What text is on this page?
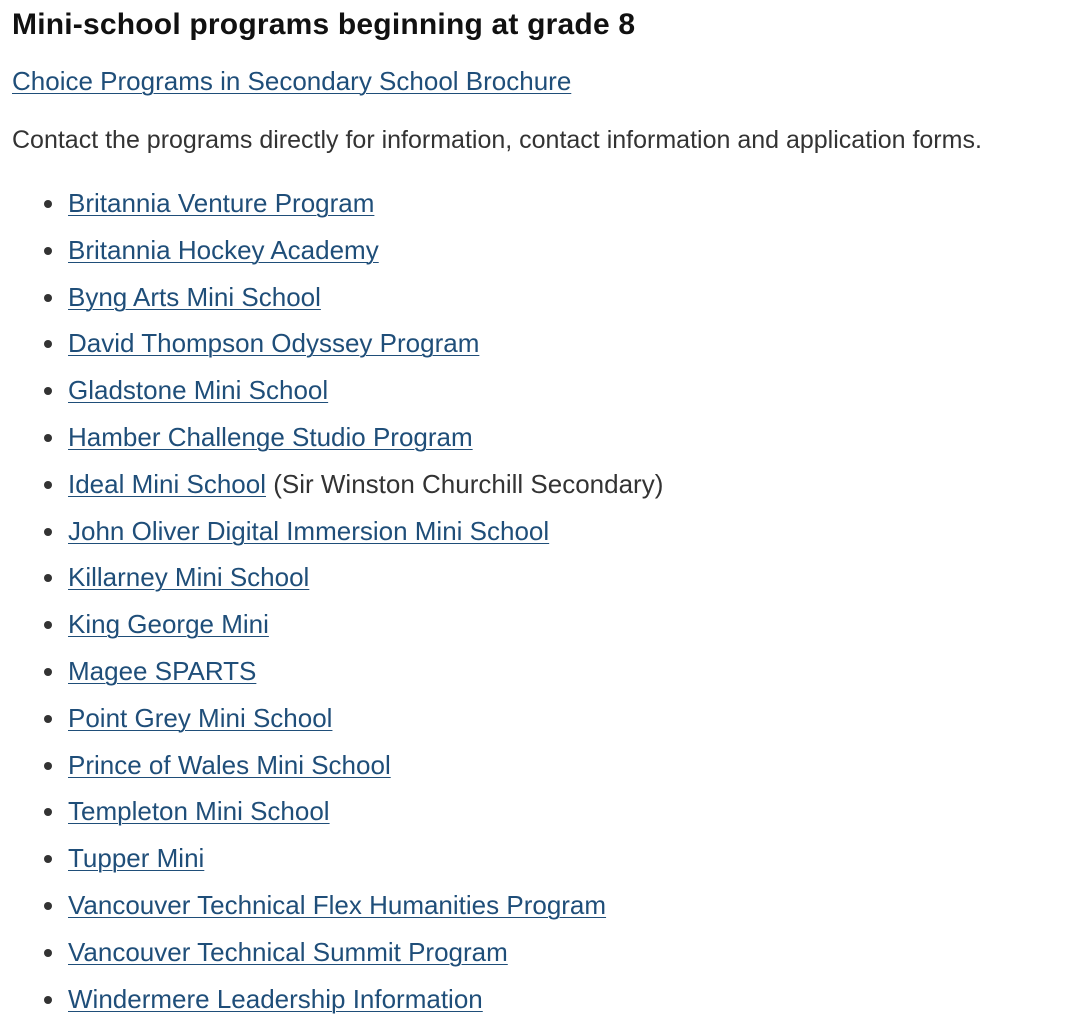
Mini-school programs beginning at grade 8
Choice Programs in Secondary School Brochure

Contact the programs directly for information, contact information and application forms.

Britannia Venture Program
Britannia Hockey Academy
Byng Arts Mini School
David Thompson Odyssey Program
Gladstone Mini School
Hamber Challenge Studio Program
Ideal Mini School (Sir Winston Churchill Secondary)
John Oliver Digital Immersion Mini School
Killarney Mini School
King George Mini
Magee SPARTS
Point Grey Mini School
Prince of Wales Mini School
Templeton Mini School
Tupper Mini
Vancouver Technical Flex Humanities Program
Vancouver Technical Summit Program
Windermere Leadership Information
